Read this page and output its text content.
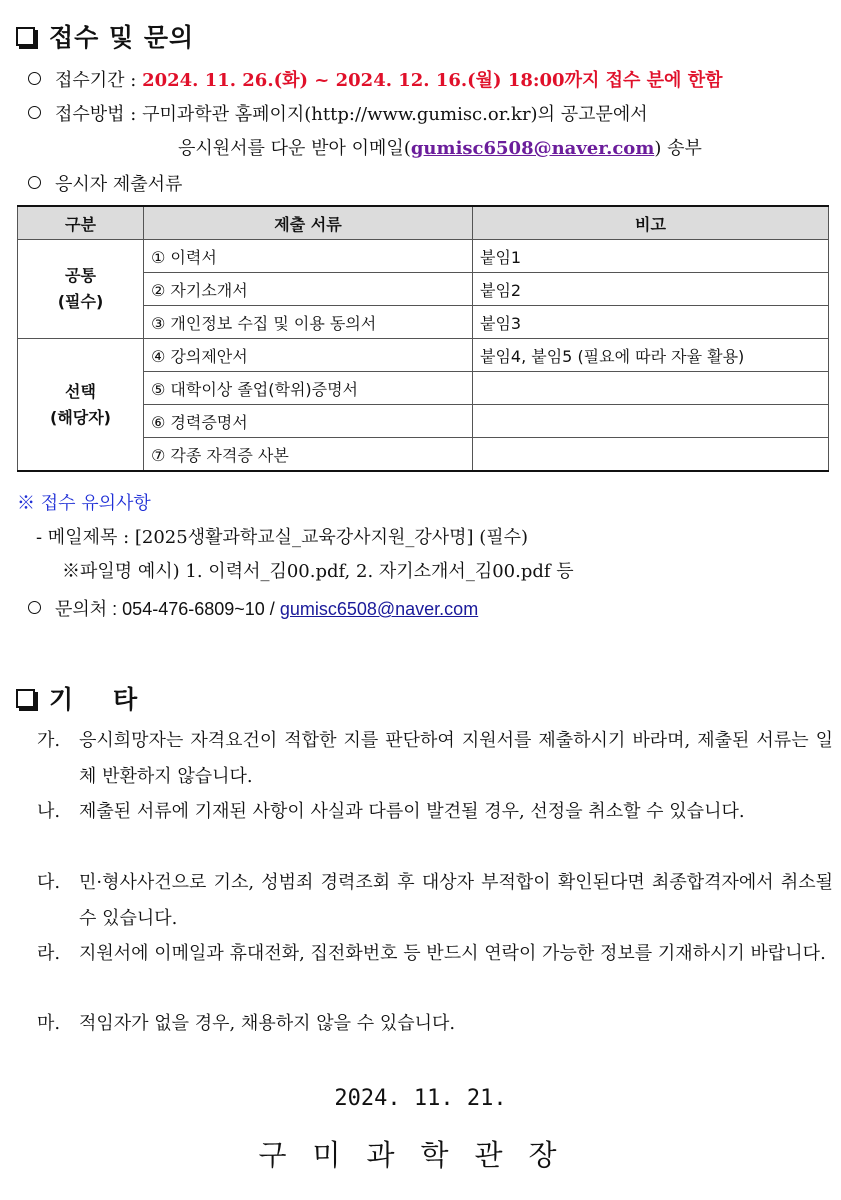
접수 및 문의
접수기간 : 2024. 11. 26.(화) ~ 2024. 12. 16.(월) 18:00까지 접수 분에 한함
접수방법 : 구미과학관 홈페이지(http://www.gumisc.or.kr)의 공고문에서
응시원서를 다운 받아 이메일(gumisc6508@naver.com) 송부
응시자 제출서류
구분	제출 서류	비고

공통
(필수)	① 이력서	붙임1
	② 자기소개서	붙임2
	③ 개인정보 수집 및 이용 동의서	붙임3

선택
(해당자)	④ 강의제안서	붙임4, 붙임5 (필요에 따라 자율 활용)
	⑤ 대학이상 졸업(학위)증명서	
	⑥ 경력증명서	
	⑦ 각종 자격증 사본	
※ 접수 유의사항
- 메일제목 : [2025생활과학교실_교육강사지원_강사명] (필수)
※파일명 예시) 1. 이력서_김00.pdf, 2. 자기소개서_김00.pdf 등
문의처 : 054-476-6809~10 / gumisc6508@naver.com
기    타
가. 응시희망자는 자격요건이 적합한 지를 판단하여 지원서를 제출하시기 바라며, 제출된 서류는 일체 반환하지 않습니다.
나. 제출된 서류에 기재된 사항이 사실과 다름이 발견될 경우, 선정을 취소할 수 있습니다.
다. 민·형사사건으로 기소, 성범죄 경력조회 후 대상자 부적합이 확인된다면 최종합격자에서 취소될 수 있습니다.
라. 지원서에 이메일과 휴대전화, 집전화번호 등 반드시 연락이 가능한 정보를 기재하시기 바랍니다.
마. 적임자가 없을 경우, 채용하지 않을 수 있습니다.
2024. 11. 21.
구미과학관장
